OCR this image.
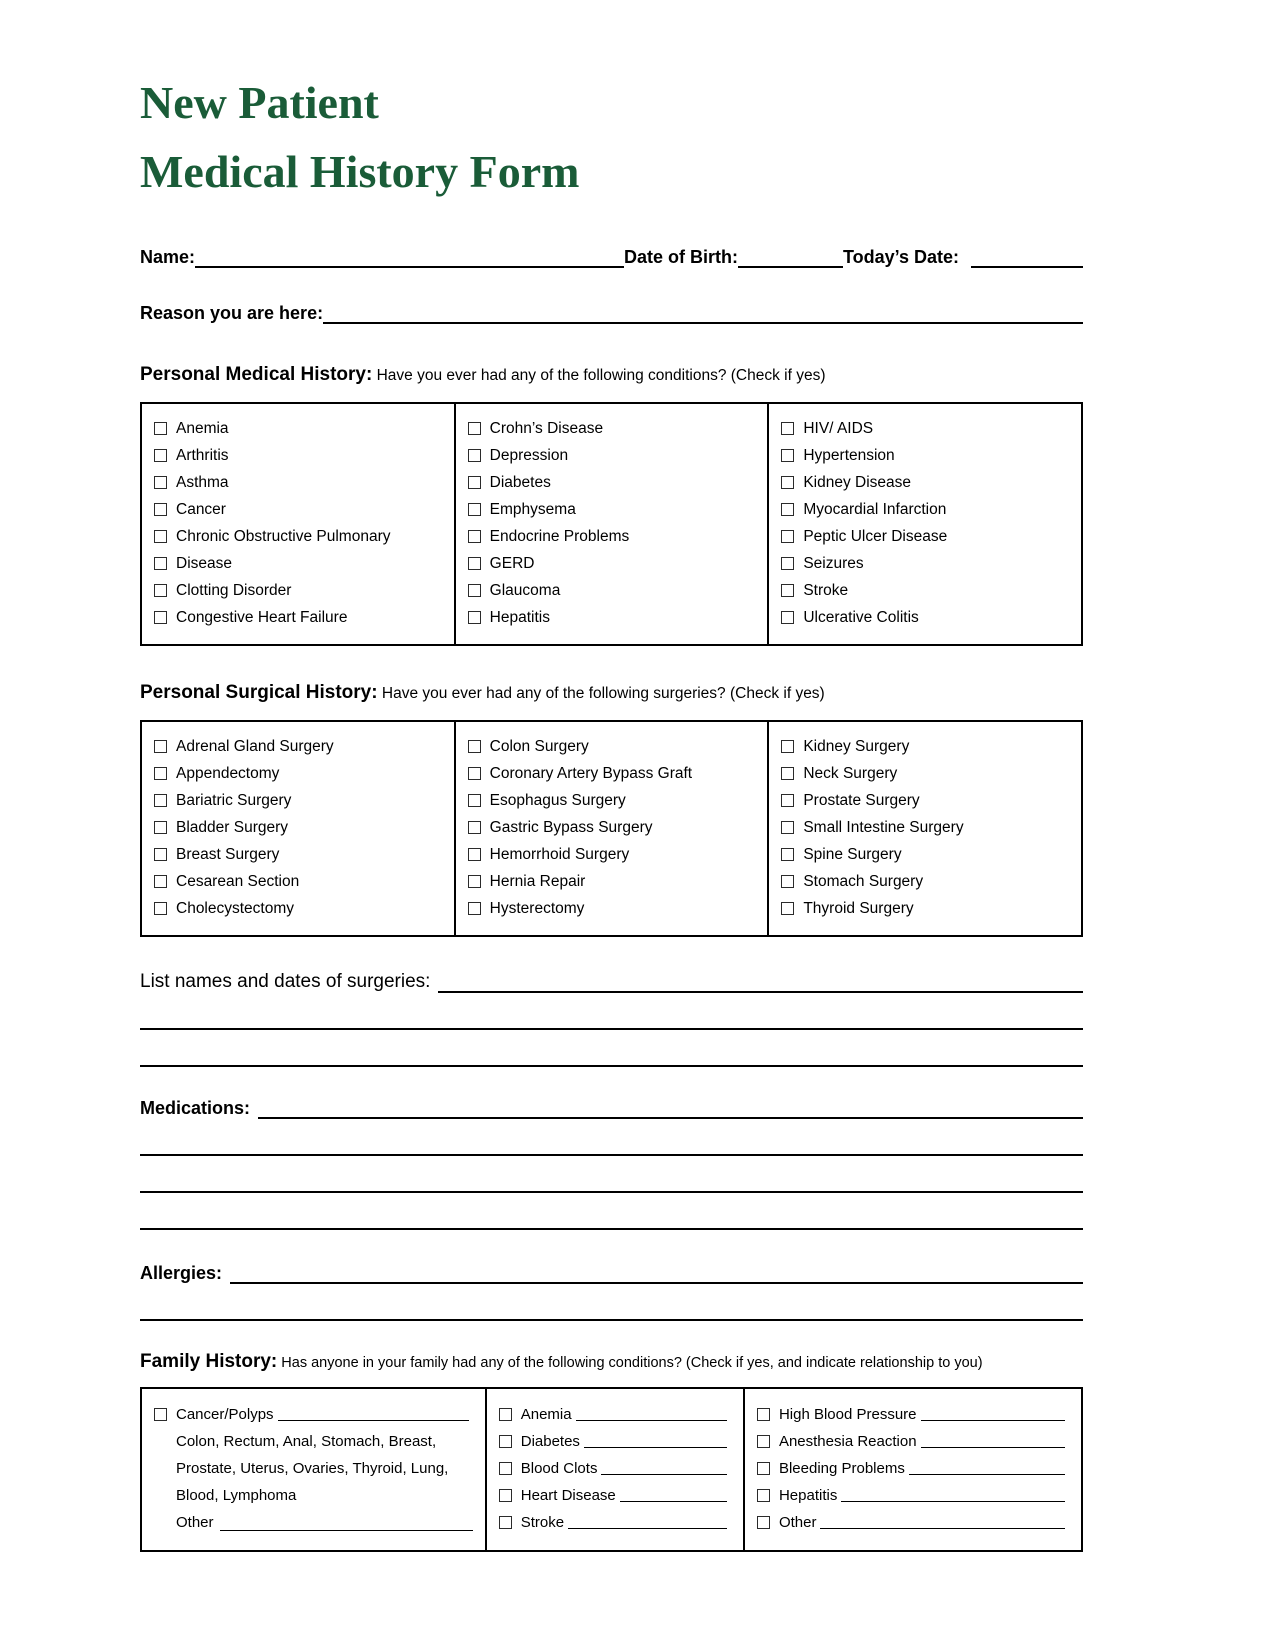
New Patient
Medical History Form
Name:	Date of Birth:	Today’s Date:
Reason you are here:
Personal Medical History: Have you ever had any of the following conditions? (Check if yes)
Anemia
Arthritis
Asthma
Cancer
Chronic Obstructive Pulmonary
Disease
Clotting Disorder
Congestive Heart Failure
Crohn’s Disease
Depression
Diabetes
Emphysema
Endocrine Problems
GERD
Glaucoma
Hepatitis
HIV/ AIDS
Hypertension
Kidney Disease
Myocardial Infarction
Peptic Ulcer Disease
Seizures
Stroke
Ulcerative Colitis
Personal Surgical History: Have you ever had any of the following surgeries? (Check if yes)
Adrenal Gland Surgery
Appendectomy
Bariatric Surgery
Bladder Surgery
Breast Surgery
Cesarean Section
Cholecystectomy
Colon Surgery
Coronary Artery Bypass Graft
Esophagus Surgery
Gastric Bypass Surgery
Hemorrhoid Surgery
Hernia Repair
Hysterectomy
Kidney Surgery
Neck Surgery
Prostate Surgery
Small Intestine Surgery
Spine Surgery
Stomach Surgery
Thyroid Surgery
List names and dates of surgeries:
Medications:
Allergies:
Family History: Has anyone in your family had any of the following conditions? (Check if yes, and indicate relationship to you)
Cancer/Polyps
Colon, Rectum, Anal, Stomach, Breast,
Prostate, Uterus, Ovaries, Thyroid, Lung,
Blood, Lymphoma
Other
Anemia
Diabetes
Blood Clots
Heart Disease
Stroke
High Blood Pressure
Anesthesia Reaction
Bleeding Problems
Hepatitis
Other
